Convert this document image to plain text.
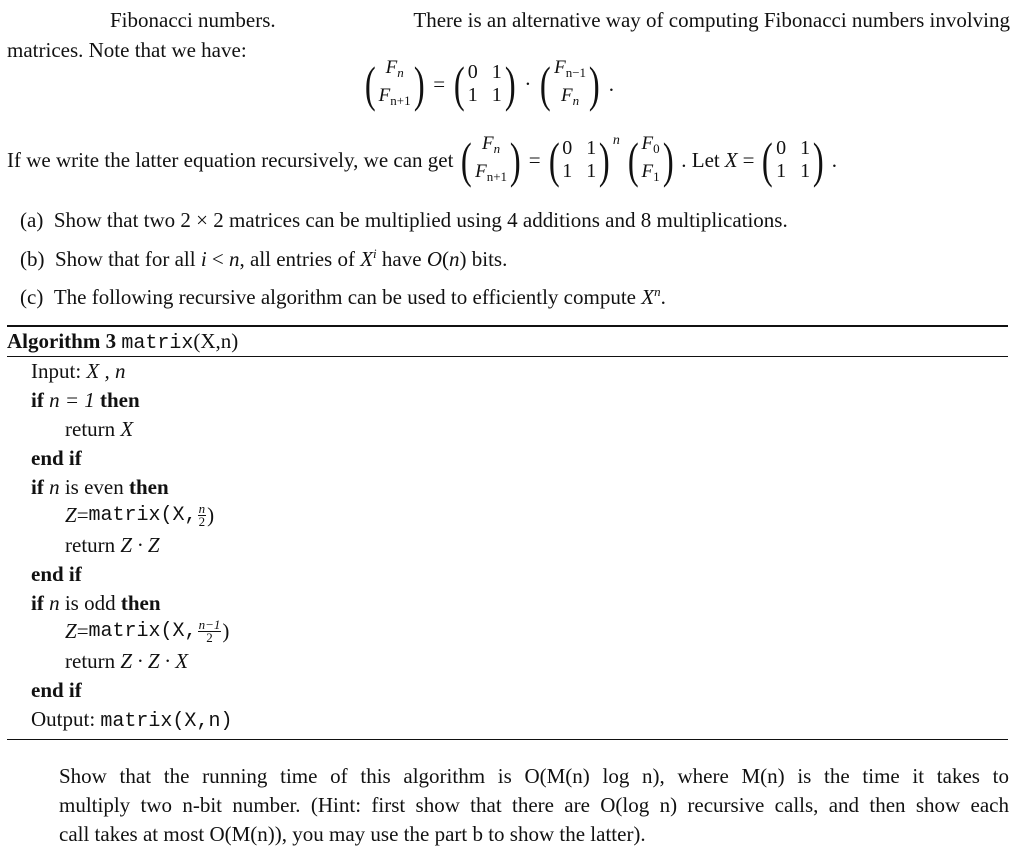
Fibonacci numbers.	There is an alternative way of computing Fibonacci numbers involving
matrices. Note that we have:
( $F_n$
$F_{n+1}$ ) = ( 0 1
1 1 ) · ( $F_{n-1}$
$F_n$ ) .
If we write the latter equation recursively, we can get ( $F_n$
$F_{n+1}$ ) = ( 0 1
1 1 ) n ( $F_0$
$F_1$ ) . Let X = ( 0 1
1 1 ) .
(a) Show that two 2 × 2 matrices can be multiplied using 4 additions and 8 multiplications.
(b) Show that for all i < n, all entries of $X^i$ have O(n) bits.
(c) The following recursive algorithm can be used to efficiently compute $X^n$.
Algorithm 3 matrix(X,n)
Input: X , n
if n = 1 then
return X
end if
if n is even then
Z = matrix (X, $\frac{n}{2}$ )
return Z · Z
end if
if n is odd then
Z = matrix (X, $\frac{n-1}{2}$ )
return Z · Z · X
end if
Output: matrix(X,n)
Show that the running time of this algorithm is O(M(n) log n), where M(n) is the time it takes to
multiply two n-bit number. (Hint: first show that there are O(log n) recursive calls, and then show each
call takes at most O(M(n)), you may use the part b to show the latter).
